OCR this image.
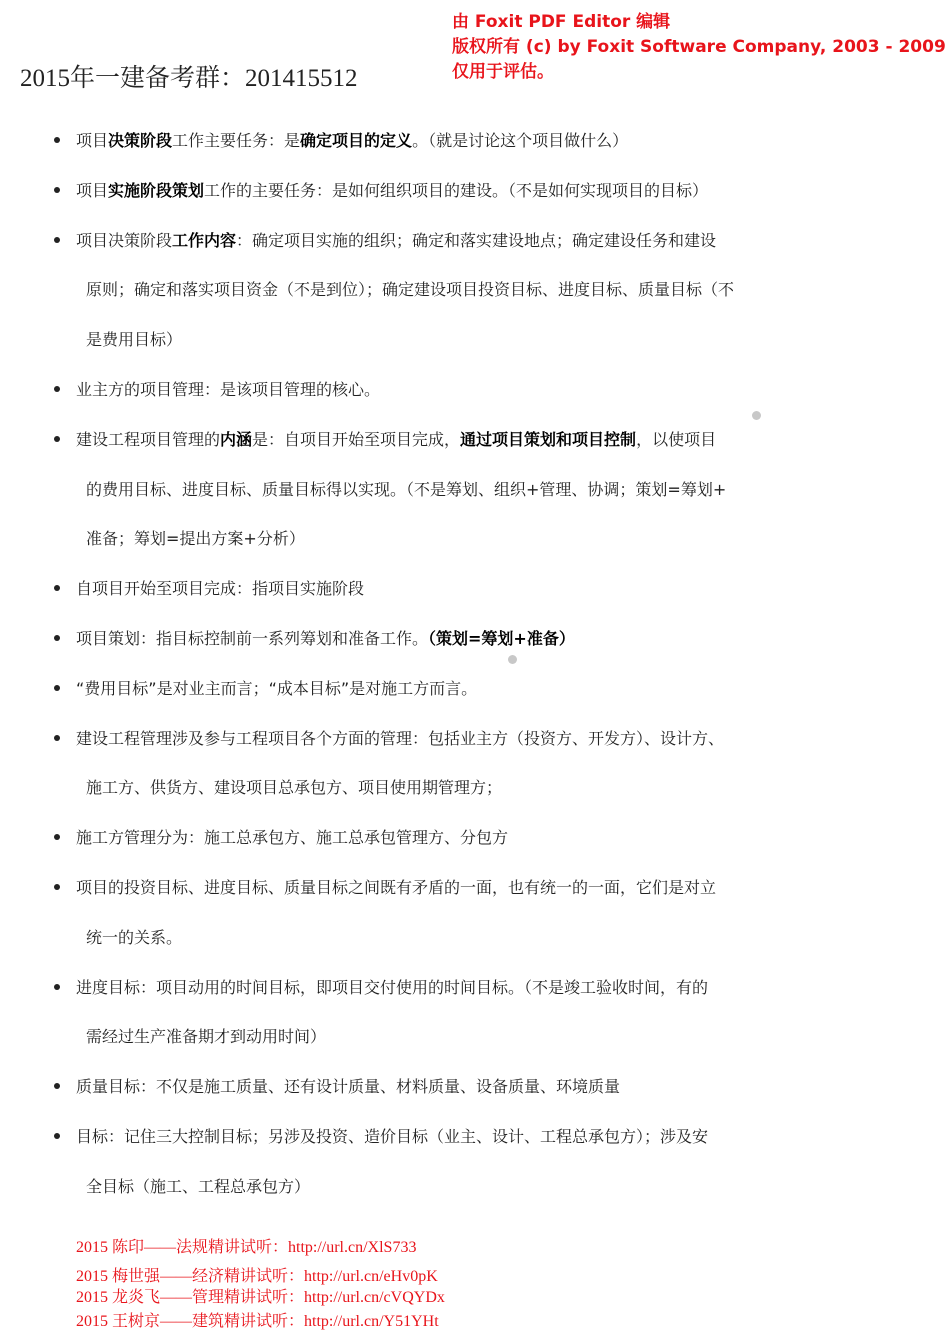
2015年一建备考群：201415512
由 Foxit PDF Editor 编辑
版权所有 (c) by Foxit Software Company, 2003 - 2009
仅用于评估。
项目决策阶段工作主要任务：是确定项目的定义。（就是讨论这个项目做什么）
项目实施阶段策划工作的主要任务：是如何组织项目的建设。（不是如何实现项目的目标）
项目决策阶段工作内容：确定项目实施的组织；确定和落实建设地点；确定建设任务和建设
原则；确定和落实项目资金（不是到位）；确定建设项目投资目标、进度目标、质量目标（不
是费用目标）
业主方的项目管理：是该项目管理的核心。
建设工程项目管理的内涵是：自项目开始至项目完成，通过项目策划和项目控制，以使项目
的费用目标、进度目标、质量目标得以实现。（不是筹划、组织+管理、协调；策划=筹划+
准备；筹划=提出方案+分析）
自项目开始至项目完成：指项目实施阶段
项目策划：指目标控制前一系列筹划和准备工作。（策划=筹划+准备）
“费用目标”是对业主而言；“成本目标”是对施工方而言。
建设工程管理涉及参与工程项目各个方面的管理：包括业主方（投资方、开发方）、设计方、
施工方、供货方、建设项目总承包方、项目使用期管理方；
施工方管理分为：施工总承包方、施工总承包管理方、分包方
项目的投资目标、进度目标、质量目标之间既有矛盾的一面，也有统一的一面，它们是对立
统一的关系。
进度目标：项目动用的时间目标，即项目交付使用的时间目标。（不是竣工验收时间，有的
需经过生产准备期才到动用时间）
质量目标：不仅是施工质量、还有设计质量、材料质量、设备质量、环境质量
目标：记住三大控制目标；另涉及投资、造价目标（业主、设计、工程总承包方）；涉及安
全目标（施工、工程总承包方）
2015 陈印——法规精讲试听：http://url.cn/XlS733
2015 梅世强——经济精讲试听：http://url.cn/eHv0pK
2015 龙炎飞——管理精讲试听：http://url.cn/cVQYDx
2015 王树京——建筑精讲试听：http://url.cn/Y51YHt
